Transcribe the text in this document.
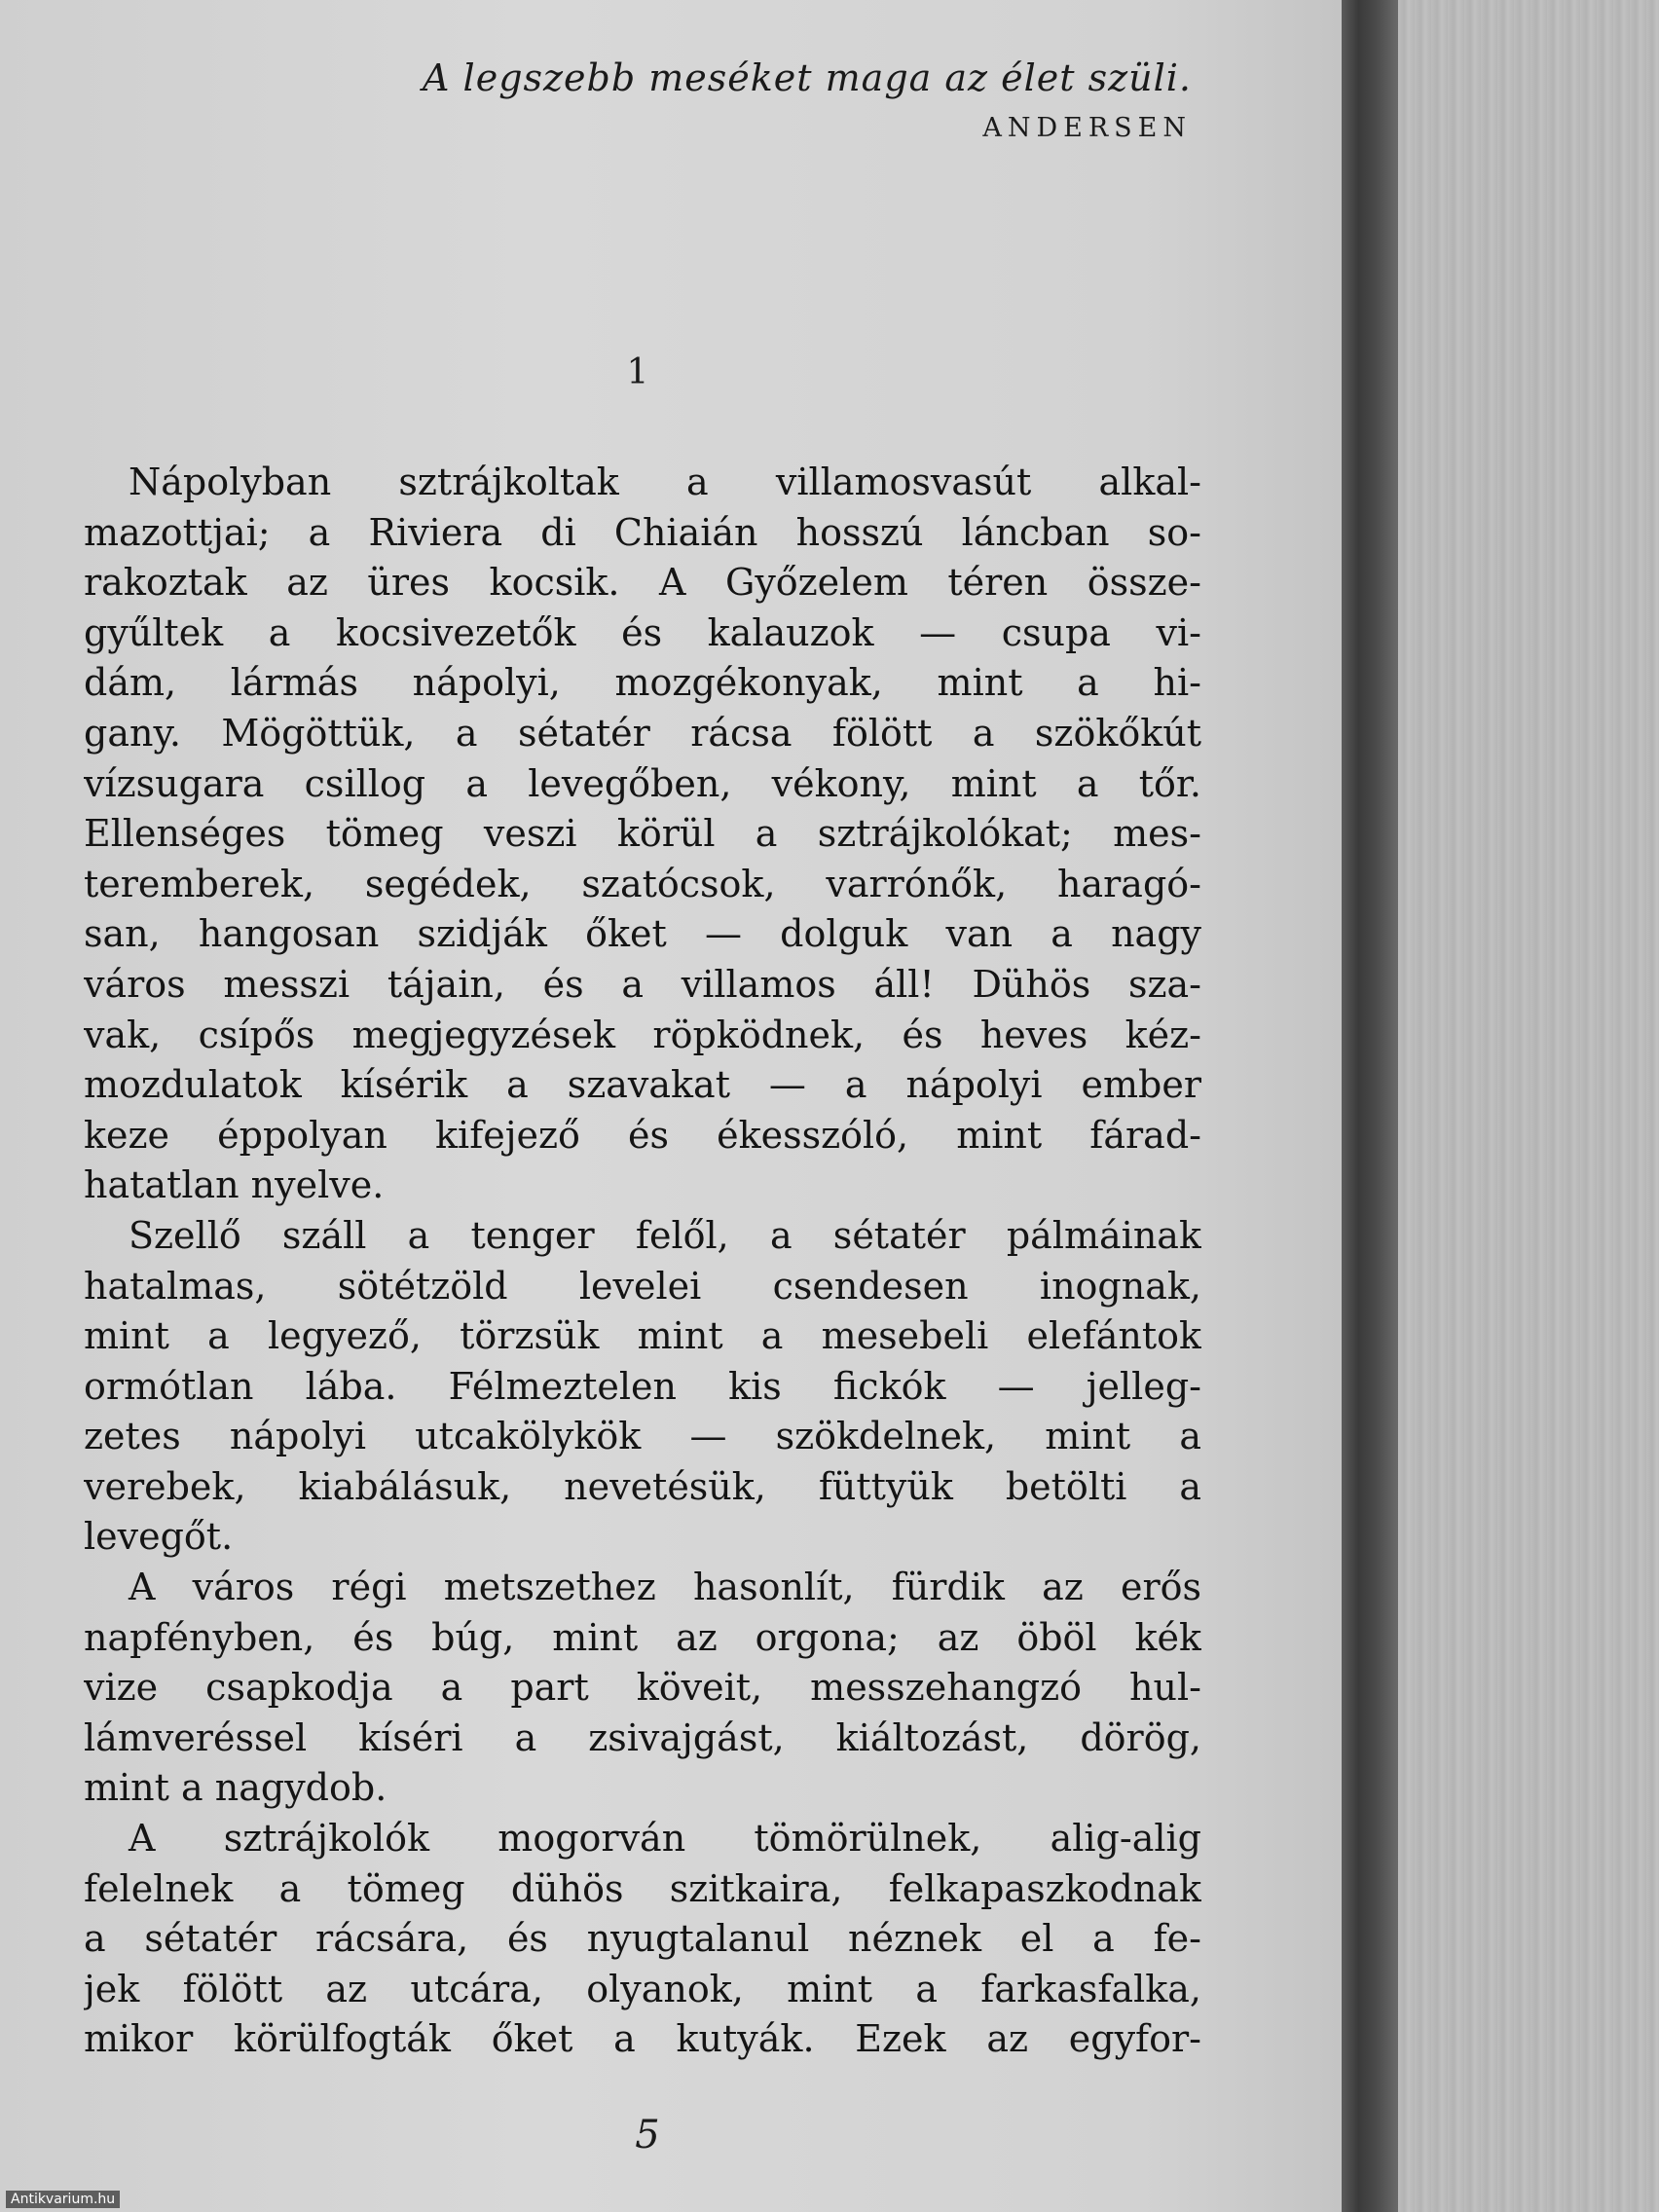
A legszebb meséket maga az élet szüli.
ANDERSEN
1
Nápolyban sztrájkoltak a villamosvasút alkal-
mazottjai; a Riviera di Chiaián hosszú láncban so-
rakoztak az üres kocsik. A Győzelem téren össze-
gyűltek a kocsivezetők és kalauzok — csupa vi-
dám, lármás nápolyi, mozgékonyak, mint a hi-
gany. Mögöttük, a sétatér rácsa fölött a szökőkút
vízsugara csillog a levegőben, vékony, mint a tőr.
Ellenséges tömeg veszi körül a sztrájkolókat; mes-
teremberek, segédek, szatócsok, varrónők, haragó-
san, hangosan szidják őket — dolguk van a nagy
város messzi tájain, és a villamos áll! Dühös sza-
vak, csípős megjegyzések röpködnek, és heves kéz-
mozdulatok kísérik a szavakat — a nápolyi ember
keze éppolyan kifejező és ékesszóló, mint fárad-
hatatlan nyelve.
Szellő száll a tenger felől, a sétatér pálmáinak
hatalmas, sötétzöld levelei csendesen inognak,
mint a legyező, törzsük mint a mesebeli elefántok
ormótlan lába. Félmeztelen kis fickók — jelleg-
zetes nápolyi utcakölykök — szökdelnek, mint a
verebek, kiabálásuk, nevetésük, füttyük betölti a
levegőt.
A város régi metszethez hasonlít, fürdik az erős
napfényben, és búg, mint az orgona; az öböl kék
vize csapkodja a part köveit, messzehangzó hul-
lámveréssel kíséri a zsivajgást, kiáltozást, dörög,
mint a nagydob.
A sztrájkolók mogorván tömörülnek, alig-alig
felelnek a tömeg dühös szitkaira, felkapaszkodnak
a sétatér rácsára, és nyugtalanul néznek el a fe-
jek fölött az utcára, olyanok, mint a farkasfalka,
mikor körülfogták őket a kutyák. Ezek az egyfor-
5
Antikvarium.hu
